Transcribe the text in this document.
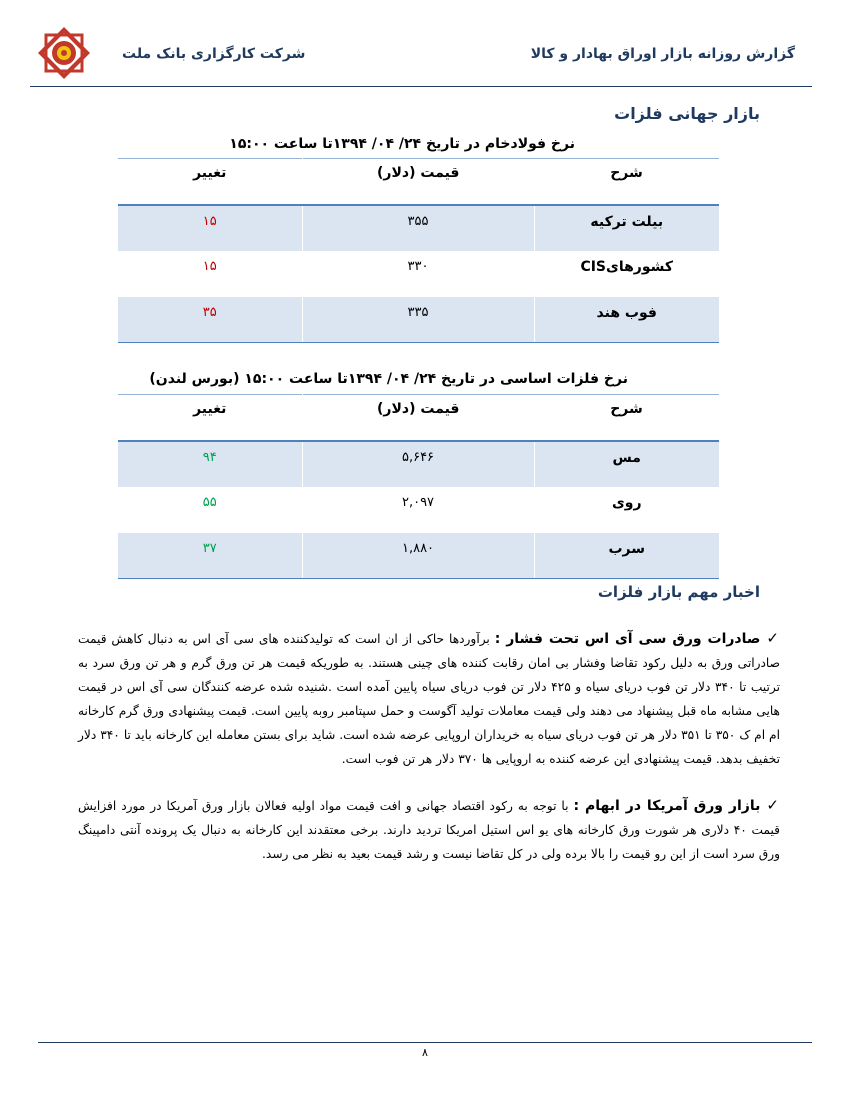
شرکت کارگزاری بانک ملت	گزارش روزانه بازار اوراق بهادار و کالا
بازار جهانی فلزات
نرخ فولادخام در تاریخ ۲۴/ ۰۴/ ۱۳۹۴تا ساعت ۱۵:۰۰
شرح	قیمت (دلار)	تغییر
بیلت ترکیه	۳۵۵	۱۵
کشورهایCIS	۳۳۰	۱۵
فوب هند	۳۳۵	۳۵
نرخ فلزات اساسی در تاریخ ۲۴/ ۰۴/ ۱۳۹۴تا ساعت ۱۵:۰۰ (بورس لندن)
شرح	قیمت (دلار)	تغییر
مس	۵,۶۴۶	۹۴
روی	۲,۰۹۷	۵۵
سرب	۱,۸۸۰	۳۷
اخبار مهم بازار فلزات
✓صادرات ورق سی آی اس تحت فشار : برآوردها حاکی از ان است که تولیدکننده های سی آی اس به دنبال کاهش قیمت صادراتی ورق به دلیل رکود تقاضا وفشار بی امان رقابت کننده های چینی هستند. به طوریکه قیمت هر تن ورق گرم و هر تن ورق سرد به ترتیب تا ۳۴۰ دلار تن فوب دریای سیاه و ۴۲۵ دلار تن فوب دریای سیاه پایین آمده است .شنیده شده عرضه کنندگان سی آی اس در قیمت هایی مشابه ماه قبل پیشنهاد می دهند ولی قیمت معاملات تولید آگوست و حمل سپتامبر روبه پایین است. قیمت پیشنهادی ورق گرم کارخانه ام ام ک ۳۵۰ تا ۳۵۱ دلار هر تن فوب دریای سیاه به خریداران اروپایی عرضه شده است. شاید برای بستن معامله این کارخانه باید تا ۳۴۰ دلار تخفیف بدهد. قیمت پیشنهادی این عرضه کننده به اروپایی ها ۳۷۰ دلار هر تن فوب است.
✓بازار ورق آمریکا در ابهام : با توجه به رکود اقتصاد جهانی و افت قیمت مواد اولیه فعالان بازار ورق آمریکا در مورد افزایش قیمت ۴۰ دلاری هر شورت ورق کارخانه های یو اس استیل امریکا تردید دارند. برخی معتقدند این کارخانه به دنبال یک پرونده آنتی دامپینگ ورق سرد است از این رو قیمت را بالا برده ولی در کل تقاضا نیست و رشد قیمت بعید به نظر می رسد.
۸
